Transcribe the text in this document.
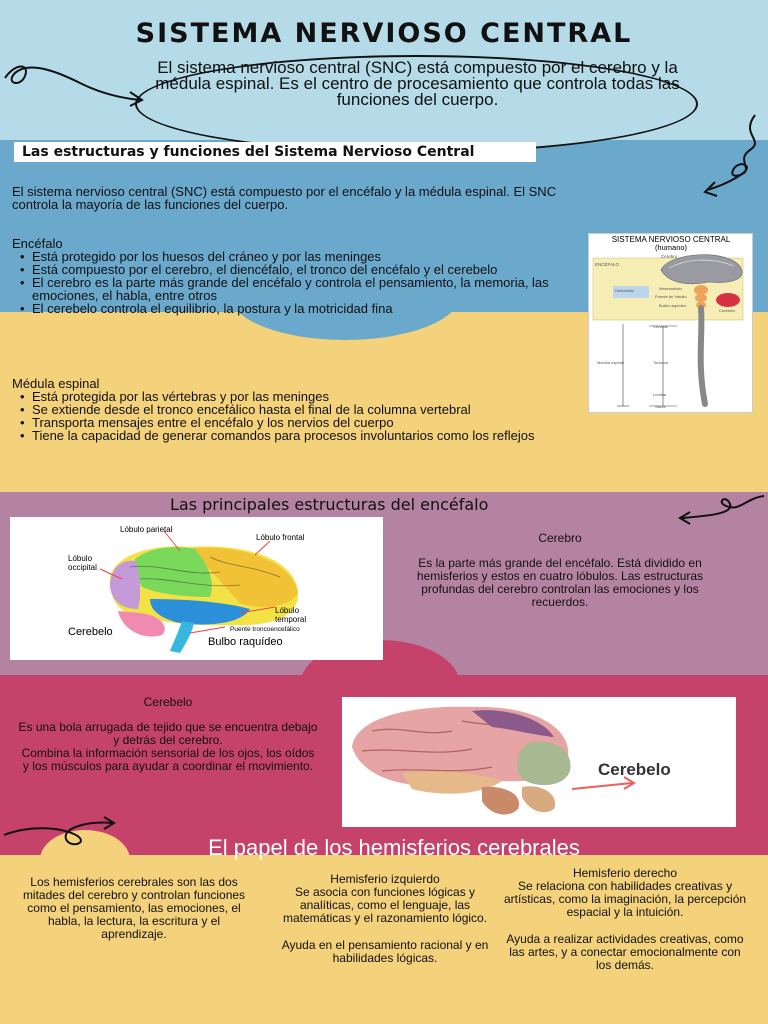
SISTEMA NERVIOSO CENTRAL
El sistema nervioso central (SNC) está compuesto por el cerebro y la médula espinal. Es el centro de procesamiento que controla todas las funciones del cuerpo.
Las estructuras y funciones del Sistema Nervioso Central
El sistema nervioso central (SNC) está compuesto por el encéfalo y la médula espinal. El SNC controla la mayoría de las funciones del cuerpo.
Encéfalo
• Está protegido por los huesos del cráneo y por las meninges
• Está compuesto por el cerebro, el diencéfalo, el tronco del encéfalo y el cerebelo
• El cerebro es la parte más grande del encéfalo y controla el pensamiento, la memoria, las emociones, el habla, entre otros
• El cerebelo controla el equilibrio, la postura y la motricidad fina
Médula espinal
• Está protegida por las vértebras y por las meninges
• Se extiende desde el tronco encefálico hasta el final de la columna vertebral
• Transporta mensajes entre el encéfalo y los nervios del cuerpo
• Tiene la capacidad de generar comandos para procesos involuntarios como los reflejos
SISTEMA NERVIOSO CENTRAL
(humano)
ENCÉFALO
Cerebro
Diencéfalo	Mesencéfalo
Puente de Varolio
Bulbo raquídeo
Cerebelo
Cervical
Médula espinal	Torácica
Lumbar
Sacra
Las principales estructuras del encéfalo
Lóbulo parietal
Lóbulo frontal
Lóbulo
occipital
Lóbulo
temporal
Puente troncoencefálico
Cerebelo
Bulbo raquídeo
Cerebro
Es la parte más grande del encéfalo. Está dividido en hemisferios y estos en cuatro lóbulos. Las estructuras profundas del cerebro controlan las emociones y los recuerdos.
Cerebelo
Es una bola arrugada de tejido que se encuentra debajo y detrás del cerebro.
Combina la información sensorial de los ojos, los oídos y los músculos para ayudar a coordinar el movimiento.	Cerebelo
El papel de los hemisferios cerebrales
Los hemisferios cerebrales son las dos mitades del cerebro y controlan funciones como el pensamiento, las emociones, el habla, la lectura, la escritura y el aprendizaje.
Hemisferio izquierdo
Se asocia con funciones lógicas y analíticas, como el lenguaje, las matemáticas y el razonamiento lógico.
Ayuda en el pensamiento racional y en habilidades lógicas.
Hemisferio derecho
Se relaciona con habilidades creativas y artísticas, como la imaginación, la percepción espacial y la intuición.
Ayuda a realizar actividades creativas, como las artes, y a conectar emocionalmente con los demás.
